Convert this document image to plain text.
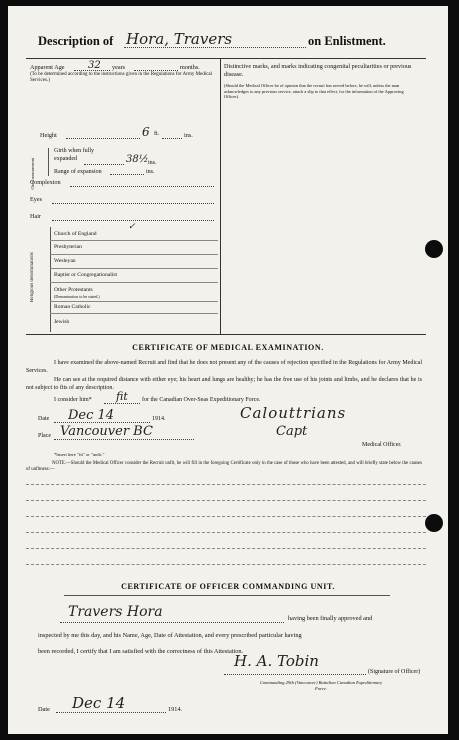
Description of Hora, Travers	on Enlistment.
Apparent Age 32 years	months.
(To be determined according to the instructions given in the Regulations for Army Medical Services.)
Height	6 ft.	ins.
Chest measurement
Girth when fully expanded	38½ ins.
Range of expansion	ins.
Complexion
Eyes
Hair
Religious denominations
Church of England
✓
Presbyterian
Wesleyan
Baptist or Congregationalist
Other Protestants
(Denomination to be stated.)
Roman Catholic
Jewish
Distinctive marks, and marks indicating congenital peculiarities or previous disease.
(Should the Medical Officer be of opinion that the recruit has served before, he will, unless the man acknowledges to any previous service, attach a slip to that effect, for the information of the Approving Officer).
CERTIFICATE OF MEDICAL EXAMINATION.
I have examined the above-named Recruit and find that he does not present any of the causes of rejection specified in the Regulations for Army Medical Services.
He can see at the required distance with either eye; his heart and lungs are healthy; he has the free use of his joints and limbs, and he declares that he is not subject to fits of any description.
I consider him* fit for the Canadian Over-Seas Expeditionary Force.
Date Dec 14	1914.	Calouttrians
Place Vancouver BC	Capt
Medical Officer.
*Insert here "fit" or "unfit."
NOTE.—Should the Medical Officer consider the Recruit unfit, he will fill in the foregoing Certificate only in the case of those who have been attested, and will briefly state below the causes of unfitness:—
CERTIFICATE OF OFFICER COMMANDING UNIT.
Travers Hora	having been finally approved and
inspected by me this day, and his Name, Age, Date of Attestation, and every prescribed particular having
been recorded, I certify that I am satisfied with the correctness of this Attestation.
H. A. Tobin
(Signature of Officer)
Commanding 29th (Vancouver) Battalion Canadian Expeditionary Force.
Date Dec 14	1914.
